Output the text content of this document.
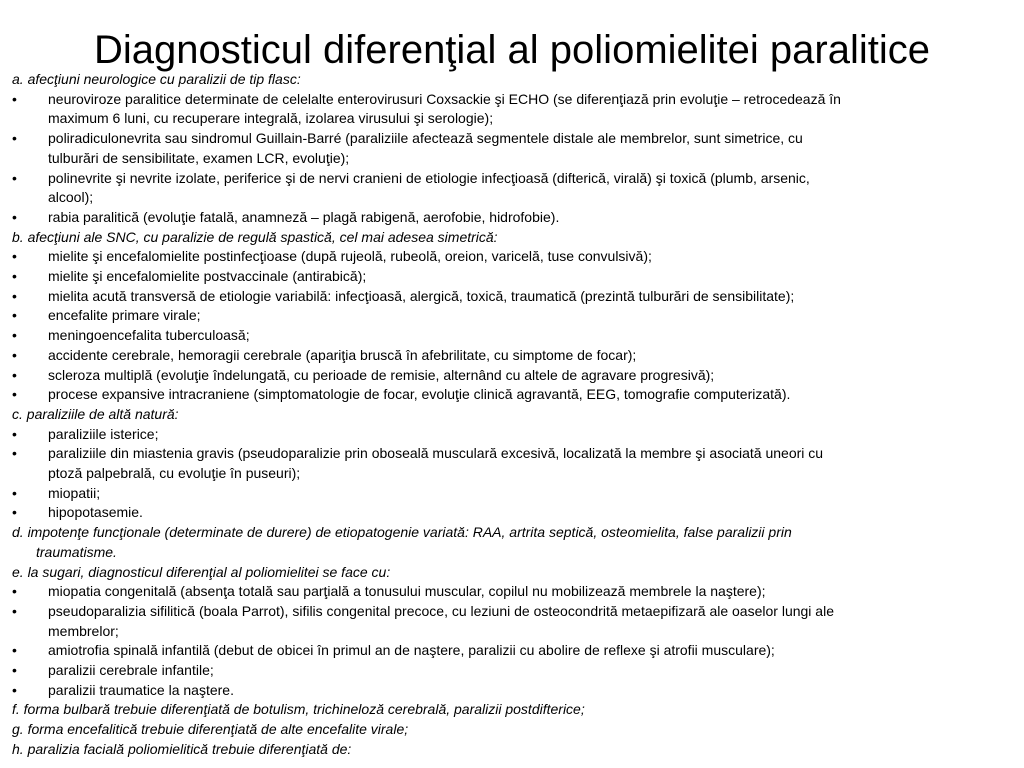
Diagnosticul diferenţial al poliomielitei paralitice
a. afecţiuni neurologice cu paralizii de tip flasc:
•	neuroviroze paralitice determinate de celelalte enterovirusuri Coxsackie şi ECHO (se diferenţiază prin evoluţie – retrocedează în
maximum 6 luni, cu recuperare integrală, izolarea virusului şi serologie);
•	poliradiculonevrita sau sindromul Guillain-Barré (paraliziile afectează segmentele distale ale membrelor, sunt simetrice, cu
tulburări de sensibilitate, examen LCR, evoluţie);
•	polinevrite şi nevrite izolate, periferice şi de nervi cranieni de etiologie infecţioasă (difterică, virală) şi toxică (plumb, arsenic,
alcool);
•	rabia paralitică (evoluţie fatală, anamneză – plagă rabigenă, aerofobie, hidrofobie).
b. afecţiuni ale SNC, cu paralizie de regulă spastică, cel mai adesea simetrică:
•	mielite şi encefalomielite postinfecţioase (după rujeolă, rubeolă, oreion, varicelă, tuse convulsivă);
•	mielite şi encefalomielite postvaccinale (antirabică);
•	mielita acută transversă de etiologie variabilă: infecţioasă, alergică, toxică, traumatică (prezintă tulburări de sensibilitate);
•	encefalite primare virale;
•	meningoencefalita tuberculoasă;
•	accidente cerebrale, hemoragii cerebrale (apariţia bruscă în afebrilitate, cu simptome de focar);
•	scleroza multiplă (evoluţie îndelungată, cu perioade de remisie, alternând cu altele de agravare progresivă);
•	procese expansive intracraniene (simptomatologie de focar, evoluţie clinică agravantă, EEG, tomografie computerizată).
c. paraliziile de altă natură:
•	paraliziile isterice;
•	paraliziile din miastenia gravis (pseudoparalizie prin oboseală musculară excesivă, localizată la membre şi asociată uneori cu
ptoză palpebrală, cu evoluţie în puseuri);
•	miopatii;
•	hipopotasemie.
d. impotenţe funcţionale (determinate de durere) de etiopatogenie variată: RAA, artrita septică, osteomielita, false paralizii prin
traumatisme.
e. la sugari, diagnosticul diferenţial al poliomielitei se face cu:
•	miopatia congenitală (absenţa totală sau parţială a tonusului muscular, copilul nu mobilizează membrele la naştere);
•	pseudoparalizia sifilitică (boala Parrot), sifilis congenital precoce, cu leziuni de osteocondrită metaepifizară ale oaselor lungi ale
membrelor;
•	amiotrofia spinală infantilă (debut de obicei în primul an de naştere, paralizii cu abolire de reflexe şi atrofii musculare);
•	paralizii cerebrale infantile;
•	paralizii traumatice la naştere.
f. forma bulbară trebuie diferenţiată de botulism, trichineloză cerebrală, paralizii postdifterice;
g. forma encefalitică trebuie diferenţiată de alte encefalite virale;
h. paralizia facială poliomielitică trebuie diferenţiată de:
